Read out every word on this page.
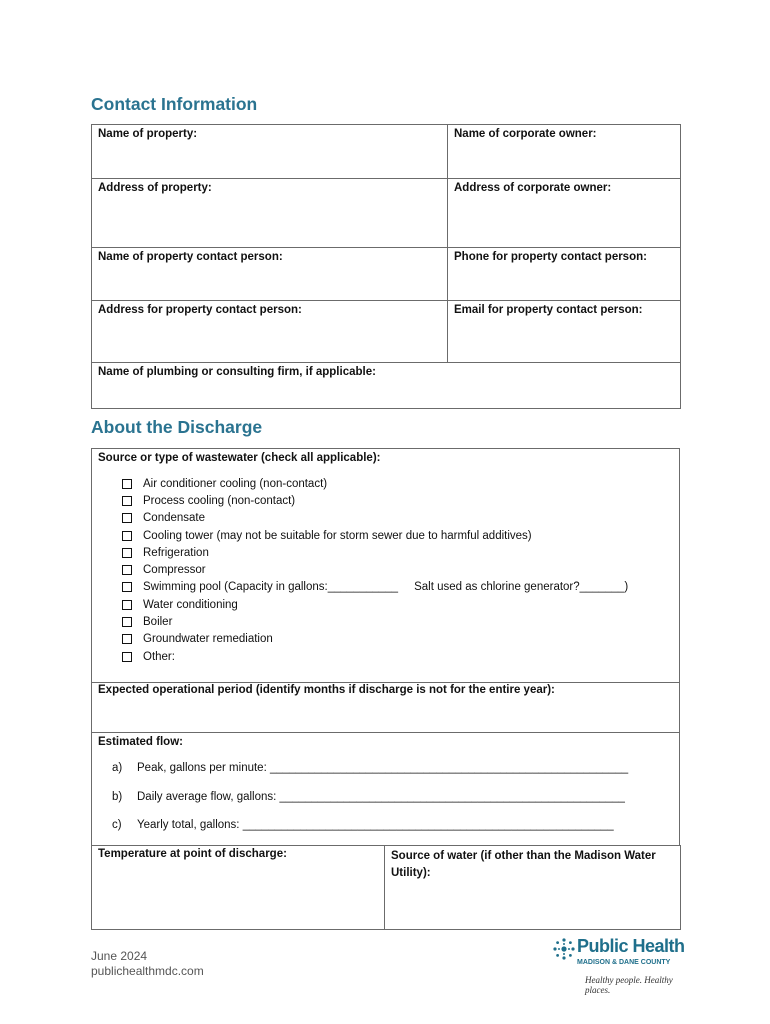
Contact Information
Name of property:	Name of corporate owner:
Address of property:	Address of corporate owner:
Name of property contact person:	Phone for property contact person:
Address for property contact person:	Email for property contact person:
Name of plumbing or consulting firm, if applicable:	
About the Discharge
Source or type of wastewater (check all applicable):
Air conditioner cooling (non-contact)
Process cooling (non-contact)
Condensate
Cooling tower (may not be suitable for storm sewer due to harmful additives)
Refrigeration
Compressor
Swimming pool (Capacity in gallons:___________ Salt used as chlorine generator?_______)
Water conditioning
Boiler
Groundwater remediation
Other:
Expected operational period (identify months if discharge is not for the entire year):
Estimated flow:
a) Peak, gallons per minute: ________________________________________________________
b) Daily average flow, gallons: ______________________________________________________
c) Yearly total, gallons: __________________________________________________________
Temperature at point of discharge:	Source of water (if other than the Madison Water Utility):
June 2024
publichealthmdc.com
Public Health
MADISON & DANE COUNTY
Healthy people. Healthy places.
